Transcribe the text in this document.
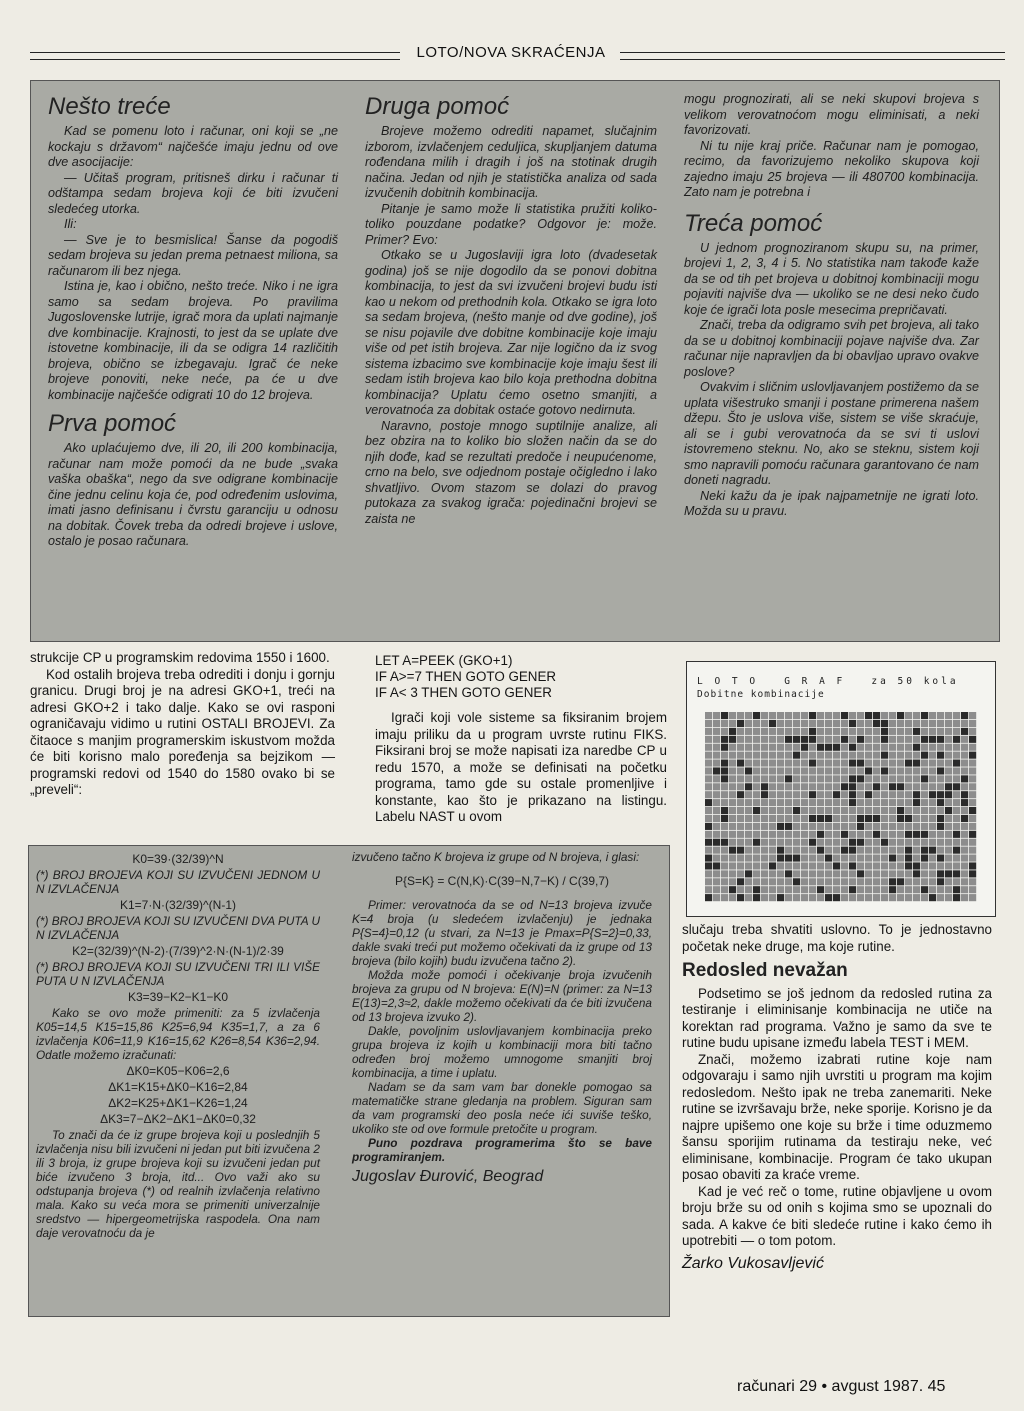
LOTO/NOVA SKRAĆENJA
Nešto treće

Kad se pomenu loto i računar, oni koji se „ne kockaju s državom“ najčešće imaju jednu od ove dve asocijacije:

— Učitaš program, pritisneš dirku i računar ti odštampa sedam brojeva koji će biti izvučeni sledećeg utorka.

Ili:

— Sve je to besmislica! Šanse da pogodiš sedam brojeva su jedan prema petnaest miliona, sa računarom ili bez njega.

Istina je, kao i obično, nešto treće. Niko i ne igra samo sa sedam brojeva. Po pravilima Jugoslovenske lutrije, igrač mora da uplati najmanje dve kombinacije. Krajnosti, to jest da se uplate dve istovetne kombinacije, ili da se odigra 14 različitih brojeva, obično se izbegavaju. Igrač će neke brojeve ponoviti, neke neće, pa će u dve kombinacije najčešće odigrati 10 do 12 brojeva.

Prva pomoć

Ako uplaćujemo dve, ili 20, ili 200 kombinacija, računar nam može pomoći da ne bude „svaka vaška obaška“, nego da sve odigrane kombinacije čine jednu celinu koja će, pod određenim uslovima, imati jasno definisanu i čvrstu garanciju u odnosu na dobitak. Čovek treba da odredi brojeve i uslove, ostalo je posao računara.

Druga pomoć

Brojeve možemo odrediti napamet, slučajnim izborom, izvlačenjem ceduljica, skupljanjem datuma rođendana milih i dragih i još na stotinak drugih načina. Jedan od njih je statistička analiza od sada izvučenih dobitnih kombinacija.

Pitanje je samo može li statistika pružiti koliko-toliko pouzdane podatke? Odgovor je: može. Primer? Evo:

Otkako se u Jugoslaviji igra loto (dvadesetak godina) još se nije dogodilo da se ponovi dobitna kombinacija, to jest da svi izvučeni brojevi budu isti kao u nekom od prethodnih kola. Otkako se igra loto sa sedam brojeva, (nešto manje od dve godine), još se nisu pojavile dve dobitne kombinacije koje imaju više od pet istih brojeva. Zar nije logično da iz svog sistema izbacimo sve kombinacije koje imaju šest ili sedam istih brojeva kao bilo koja prethodna dobitna kombinacija? Uplatu ćemo osetno smanjiti, a verovatnoća za dobitak ostaće gotovo nedirnuta.

Naravno, postoje mnogo suptilnije analize, ali bez obzira na to koliko bio složen način da se do njih dođe, kad se rezultati predoče i neupućenome, crno na belo, sve odjednom postaje očigledno i lako shvatljivo. Ovom stazom se dolazi do pravog putokaza za svakog igrača: pojedinačni brojevi se zaista ne

mogu prognozirati, ali se neki skupovi brojeva s velikom verovatnoćom mogu eliminisati, a neki favorizovati.

Ni tu nije kraj priče. Računar nam je pomogao, recimo, da favorizujemo nekoliko skupova koji zajedno imaju 25 brojeva — ili 480700 kombinacija. Zato nam je potrebna i

Treća pomoć

U jednom prognoziranom skupu su, na primer, brojevi 1, 2, 3, 4 i 5. No statistika nam takođe kaže da se od tih pet brojeva u dobitnoj kombinaciji mogu pojaviti najviše dva — ukoliko se ne desi neko čudo koje će igrači lota posle mesecima prepričavati.

Znači, treba da odigramo svih pet brojeva, ali tako da se u dobitnoj kombinaciji pojave najviše dva. Zar računar nije napravljen da bi obavljao upravo ovakve poslove?

Ovakvim i sličnim uslovljavanjem postižemo da se uplata višestruko smanji i postane primerena našem džepu. Što je uslova više, sistem se više skraćuje, ali se i gubi verovatnoća da se svi ti uslovi istovremeno steknu. No, ako se steknu, sistem koji smo napravili pomoću računara garantovano će nam doneti nagradu.

Neki kažu da je ipak najpametnije ne igrati loto. Možda su u pravu.

strukcije CP u programskim redovima 1550 i 1600.

Kod ostalih brojeva treba odrediti i donju i gornju granicu. Drugi broj je na adresi GKO+1, treći na adresi GKO+2 i tako dalje. Kako se ovi rasponi ograničavaju vidimo u rutini OSTALI BROJEVI. Za čitaoce s manjim programerskim iskustvom možda će biti korisno malo poređenja sa bejzikom — programski redovi od 1540 do 1580 ovako bi se „preveli“:

LET A=PEEK (GKO+1)
IF A>=7 THEN GOTO GENER
IF A< 3 THEN GOTO GENER

Igrači koji vole sisteme sa fiksiranim brojem imaju priliku da u program uvrste rutinu FIKS. Fiksirani broj se može napisati iza naredbe CP u redu 1570, a može se definisati na početku programa, tamo gde su ostale promenljive i konstante, kao što je prikazano na listingu. Labelu NAST u ovom

L O T O   G R A F   za 50 kola
Dobitne kombinacije
K0=39·(32/39)^N

(*) BROJ BROJEVA KOJI SU IZVUČENI JEDNOM U N IZVLAČENJA

K1=7·N·(32/39)^(N-1)

(*) BROJ BROJEVA KOJI SU IZVUČENI DVA PUTA U N IZVLAČENJA

K2=(32/39)^(N-2)·(7/39)^2·N·(N-1)/2·39

(*) BROJ BROJEVA KOJI SU IZVUČENI TRI ILI VIŠE PUTA U N IZVLAČENJA

K3=39−K2−K1−K0

Kako se ovo može primeniti: za 5 izvlačenja K05=14,5 K15=15,86 K25=6,94 K35=1,7, a za 6 izvlačenja K06=11,9 K16=15,62 K26=8,54 K36=2,94. Odatle možemo izračunati:

ΔK0=K05−K06=2,6
ΔK1=K15+ΔK0−K16=2,84
ΔK2=K25+ΔK1−K26=1,24
ΔK3=7−ΔK2−ΔK1−ΔK0=0,32

To znači da će iz grupe brojeva koji u poslednjih 5 izvlačenja nisu bili izvučeni ni jedan put biti izvučena 2 ili 3 broja, iz grupe brojeva koji su izvučeni jedan put biće izvučeno 3 broja, itd... Ovo važi ako su odstupanja brojeva (*) od realnih izvlačenja relativno mala. Kako su veća mora se primeniti univerzalnije sredstvo — hipergeometrijska raspodela. Ona nam daje verovatnoću da je

izvučeno tačno K brojeva iz grupe od N brojeva, i glasi:

P{S=K} = C(N,K)·C(39−N,7−K) / C(39,7)

Primer: verovatnoća da se od N=13 brojeva izvuče K=4 broja (u sledećem izvlačenju) je jednaka P{S=4}=0,12 (u stvari, za N=13 je Pmax=P{S=2}=0,33, dakle svaki treći put možemo očekivati da iz grupe od 13 brojeva (bilo kojih) budu izvučena tačno 2).

Možda može pomoći i očekivanje broja izvučenih brojeva za grupu od N brojeva: E(N)=N (primer: za N=13 E(13)=2,3≈2, dakle možemo očekivati da će biti izvučena od 13 brojeva izvuko 2).

Dakle, povoljnim uslovljavanjem kombinacija preko grupa brojeva iz kojih u kombinaciji mora biti tačno određen broj možemo umnogome smanjiti broj kombinacija, a time i uplatu.

Nadam se da sam vam bar donekle pomogao sa matematičke strane gledanja na problem. Siguran sam da vam programski deo posla neće ići suviše teško, ukoliko ste od ove formule pretočite u program.

Puno pozdrava programerima što se bave programiranjem.

Jugoslav Đurović, Beograd

slučaju treba shvatiti uslovno. To je jednostavno početak neke druge, ma koje rutine.

Redosled nevažan

Podsetimo se još jednom da redosled rutina za testiranje i eliminisanje kombinacija ne utiče na korektan rad programa. Važno je samo da sve te rutine budu upisane između labela TEST i MEM.

Znači, možemo izabrati rutine koje nam odgovaraju i samo njih uvrstiti u program ma kojim redosledom. Nešto ipak ne treba zanemariti. Neke rutine se izvršavaju brže, neke sporije. Korisno je da najpre upišemo one koje su brže i time oduzmemo šansu sporijim rutinama da testiraju neke, već eliminisane, kombinacije. Program će tako ukupan posao obaviti za kraće vreme.

Kad je već reč o tome, rutine objavljene u ovom broju brže su od onih s kojima smo se upoznali do sada. A kakve će biti sledeće rutine i kako ćemo ih upotrebiti — o tom potom.

Žarko Vukosavljević
računari 29 • avgust 1987. 45
